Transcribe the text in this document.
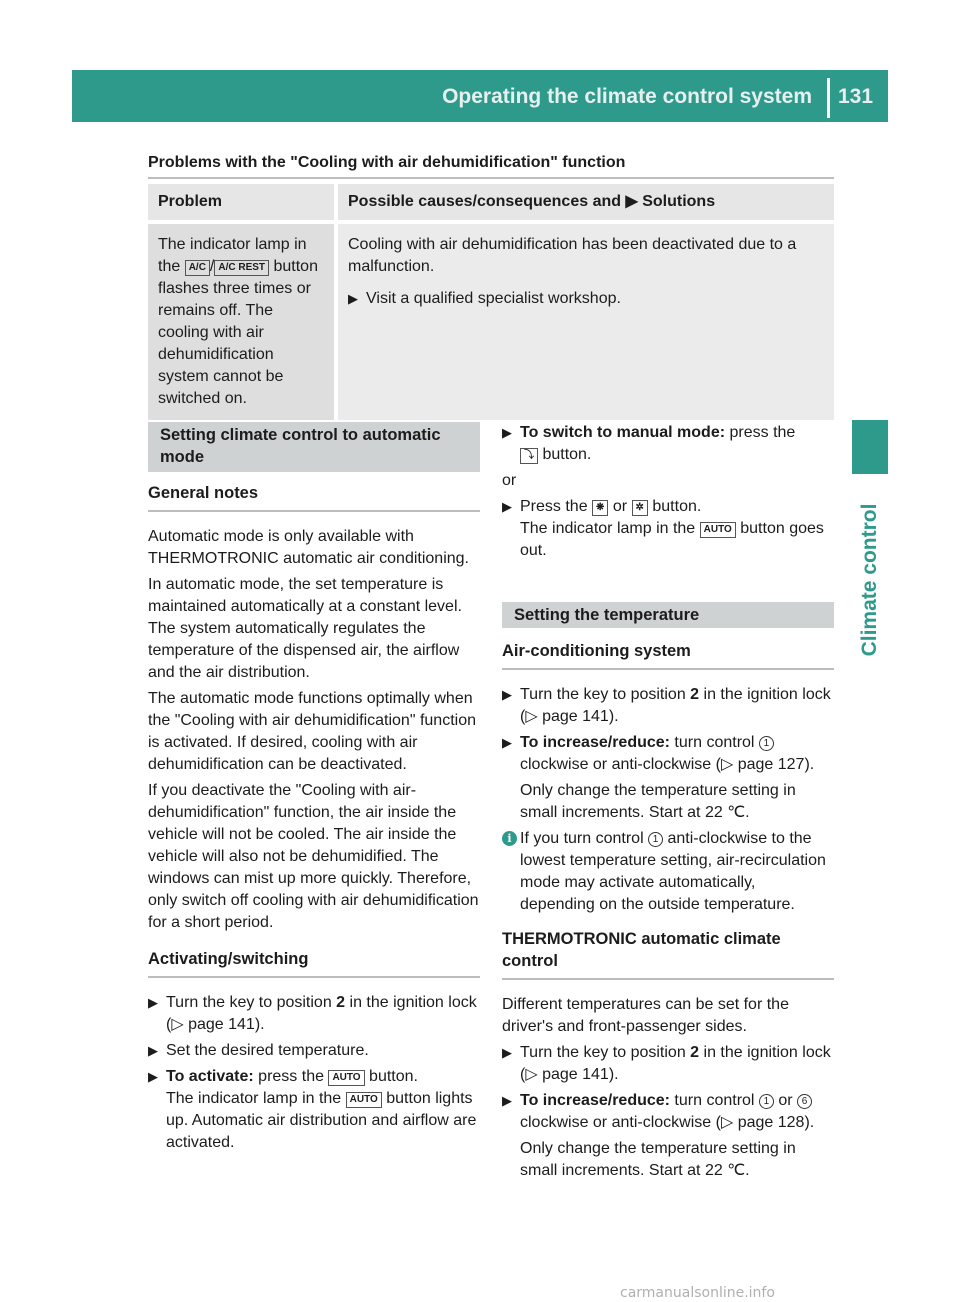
Operating the climate control system	131
Climate control
Problems with the "Cooling with air dehumidification" function
Problem	Possible causes/consequences and ▶ Solutions
The indicator lamp in the A/C / A/C REST button flashes three times or remains off. The cooling with air dehumidification system cannot be switched on.	Cooling with air dehumidification has been deactivated due to a malfunction.

▶ Visit a qualified specialist workshop.
Setting climate control to automatic mode
General notes

Automatic mode is only available with THERMOTRONIC automatic air conditioning.

In automatic mode, the set temperature is maintained automatically at a constant level. The system automatically regulates the temperature of the dispensed air, the airflow and the air distribution.

The automatic mode functions optimally when the "Cooling with air dehumidification" function is activated. If desired, cooling with air dehumidification can be deactivated.

If you deactivate the "Cooling with air-dehumidification" function, the air inside the vehicle will not be cooled. The air inside the vehicle will also not be dehumidified. The windows can mist up more quickly. Therefore, only switch off cooling with air dehumidification for a short period.

Activating/switching
▶ Turn the key to position 2 in the ignition lock (▷ page 141).
▶ Set the desired temperature.
▶ To activate: press the AUTO button.
The indicator lamp in the AUTO button lights up. Automatic air distribution and airflow are activated.
▶ To switch to manual mode: press the
⤵ button.

or

▶ Press the ❋ or ✲ button.
The indicator lamp in the AUTO button goes out.
Setting the temperature
Air-conditioning system
▶ Turn the key to position 2 in the ignition lock (▷ page 141).
▶ To increase/reduce: turn control 1 clockwise or anti-clockwise (▷ page 127).

Only change the temperature setting in small increments. Start at 22 ℃.

i If you turn control 1 anti-clockwise to the lowest temperature setting, air-recirculation mode may activate automatically, depending on the outside temperature.
THERMOTRONIC automatic climate control

Different temperatures can be set for the driver's and front-passenger sides.

▶ Turn the key to position 2 in the ignition lock (▷ page 141).
▶ To increase/reduce: turn control 1 or 6 clockwise or anti-clockwise (▷ page 128).

Only change the temperature setting in small increments. Start at 22 ℃.

carmanualsonline.info
